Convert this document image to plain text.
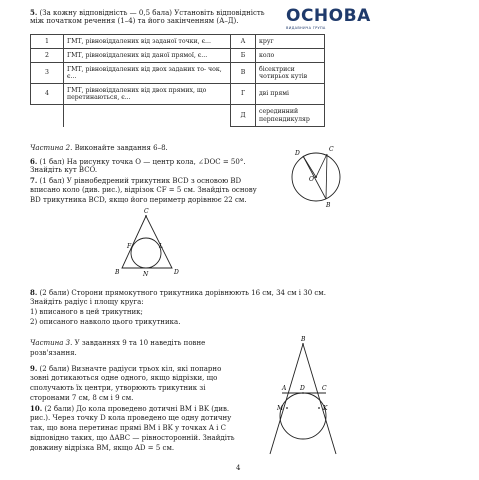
5. (За кожну відповідність — 0,5 бала) Установіть відповідність
між початком речення (1–4) та його закінченням (А–Д).	ОСНОВА
ВИДАВНИЧА ГРУПА
1	ГМТ, рівновіддалених від заданої точки, є...	А	круг
2	ГМТ, рівновіддалених від даної прямої, є...	Б	коло
3	ГМТ, рівновіддалених від двох заданих то- чок, є...	В	бісектриси чотирьох кутів
4	ГМТ, рівновіддалених від двох прямих, що перетинаються, є...	Г	дві прямі
		Д	серединний перпендикуляр
Частина 2. Виконайте завдання 6–8.
6. (1 бал) На рисунку точка O — центр кола, ∠DOC = 50°.
Знайдіть кут BCO.
7. (1 бал) У рівнобедрений трикутник BCD з основою BD
вписано коло (див. рис.), відрізок CF = 5 см. Знайдіть основу
BD трикутника BCD, якщо його периметр дорівнює 22 см.
D
C
O
B
C
F	L
B	N	D
8. (2 бали) Сторони прямокутного трикутника дорівнюють 16 см, 34 см і 30 см.
Знайдіть радіус і площу круга:
1) вписаного в цей трикутник;
2) описаного навколо цього трикутника.
Частина 3. У завданнях 9 та 10 наведіть повне
розв'язання.
9. (2 бали) Визначте радіуси трьох кіл, які попарно
зовні дотикаються одне одного, якщо відрізки, що
сполучають їх центри, утворюють трикутник зі
сторонами 7 см, 8 см і 9 см.
10. (2 бали) До кола проведено дотичні BM і BK (див.
рис.). Через точку D кола проведено ще одну дотичну
так, що вона перетинає прямі BM і BK у точках A і C
відповідно таких, що ΔABC — рівносторонній. Знайдіть
довжину відрізка BM, якщо AD = 5 см.
B
A D	C
M	K
4
